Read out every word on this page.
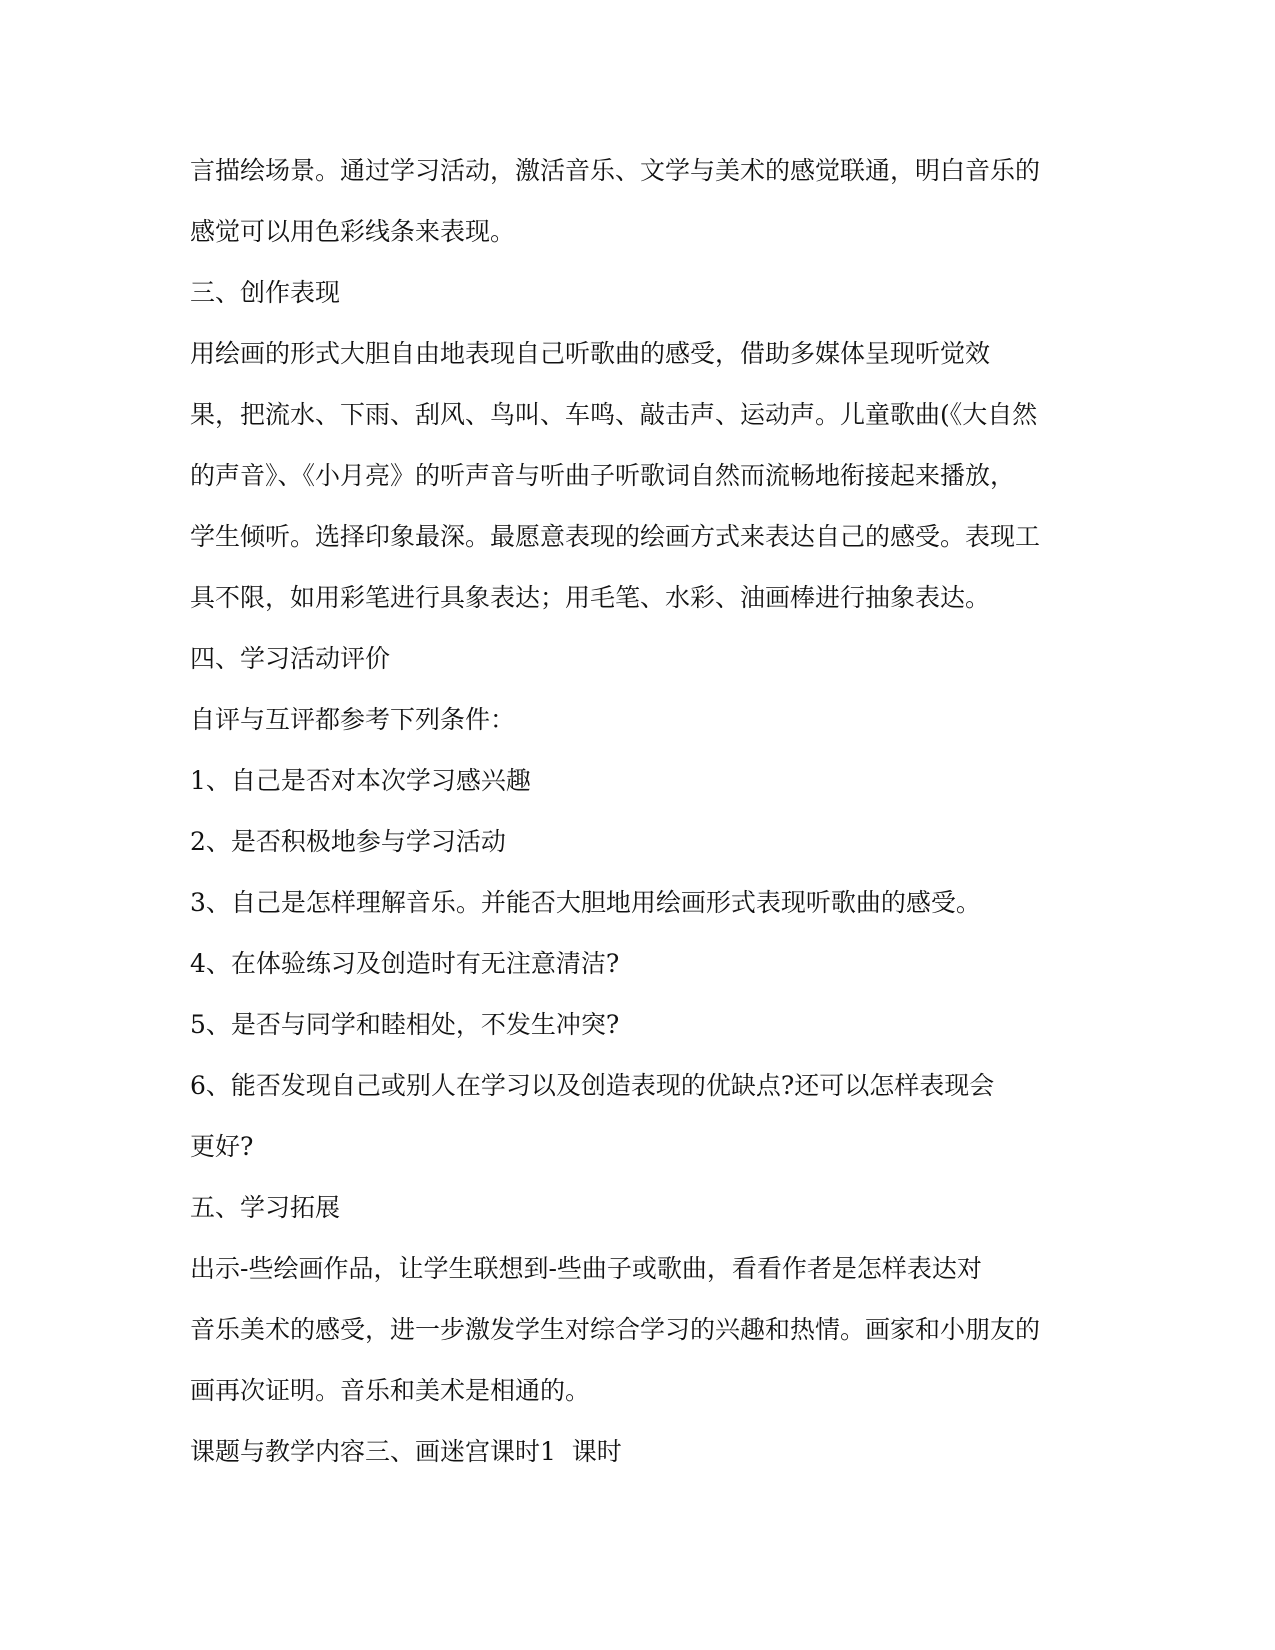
言描绘场景。通过学习活动，激活音乐、文学与美术的感觉联通，明白音乐的
感觉可以用色彩线条来表现。
三、创作表现
用绘画的形式大胆自由地表现自己听歌曲的感受，借助多媒体呈现听觉效
果，把流水、下雨、刮风、鸟叫、车鸣、敲击声、运动声。儿童歌曲(《大自然
的声音》、《小月亮》的听声音与听曲子听歌词自然而流畅地衔接起来播放，
学生倾听。选择印象最深。最愿意表现的绘画方式来表达自己的感受。表现工
具不限，如用彩笔进行具象表达；用毛笔、水彩、油画棒进行抽象表达。
四、学习活动评价
自评与互评都参考下列条件：
1、自己是否对本次学习感兴趣
2、是否积极地参与学习活动
3、自己是怎样理解音乐。并能否大胆地用绘画形式表现听歌曲的感受。
4、在体验练习及创造时有无注意清洁?
5、是否与同学和睦相处，不发生冲突?
6、能否发现自己或别人在学习以及创造表现的优缺点?还可以怎样表现会
更好?
五、学习拓展
出示-些绘画作品，让学生联想到-些曲子或歌曲，看看作者是怎样表达对
音乐美术的感受，进一步激发学生对综合学习的兴趣和热情。画家和小朋友的
画再次证明。音乐和美术是相通的。
课题与教学内容三、画迷宫课时1  课时
